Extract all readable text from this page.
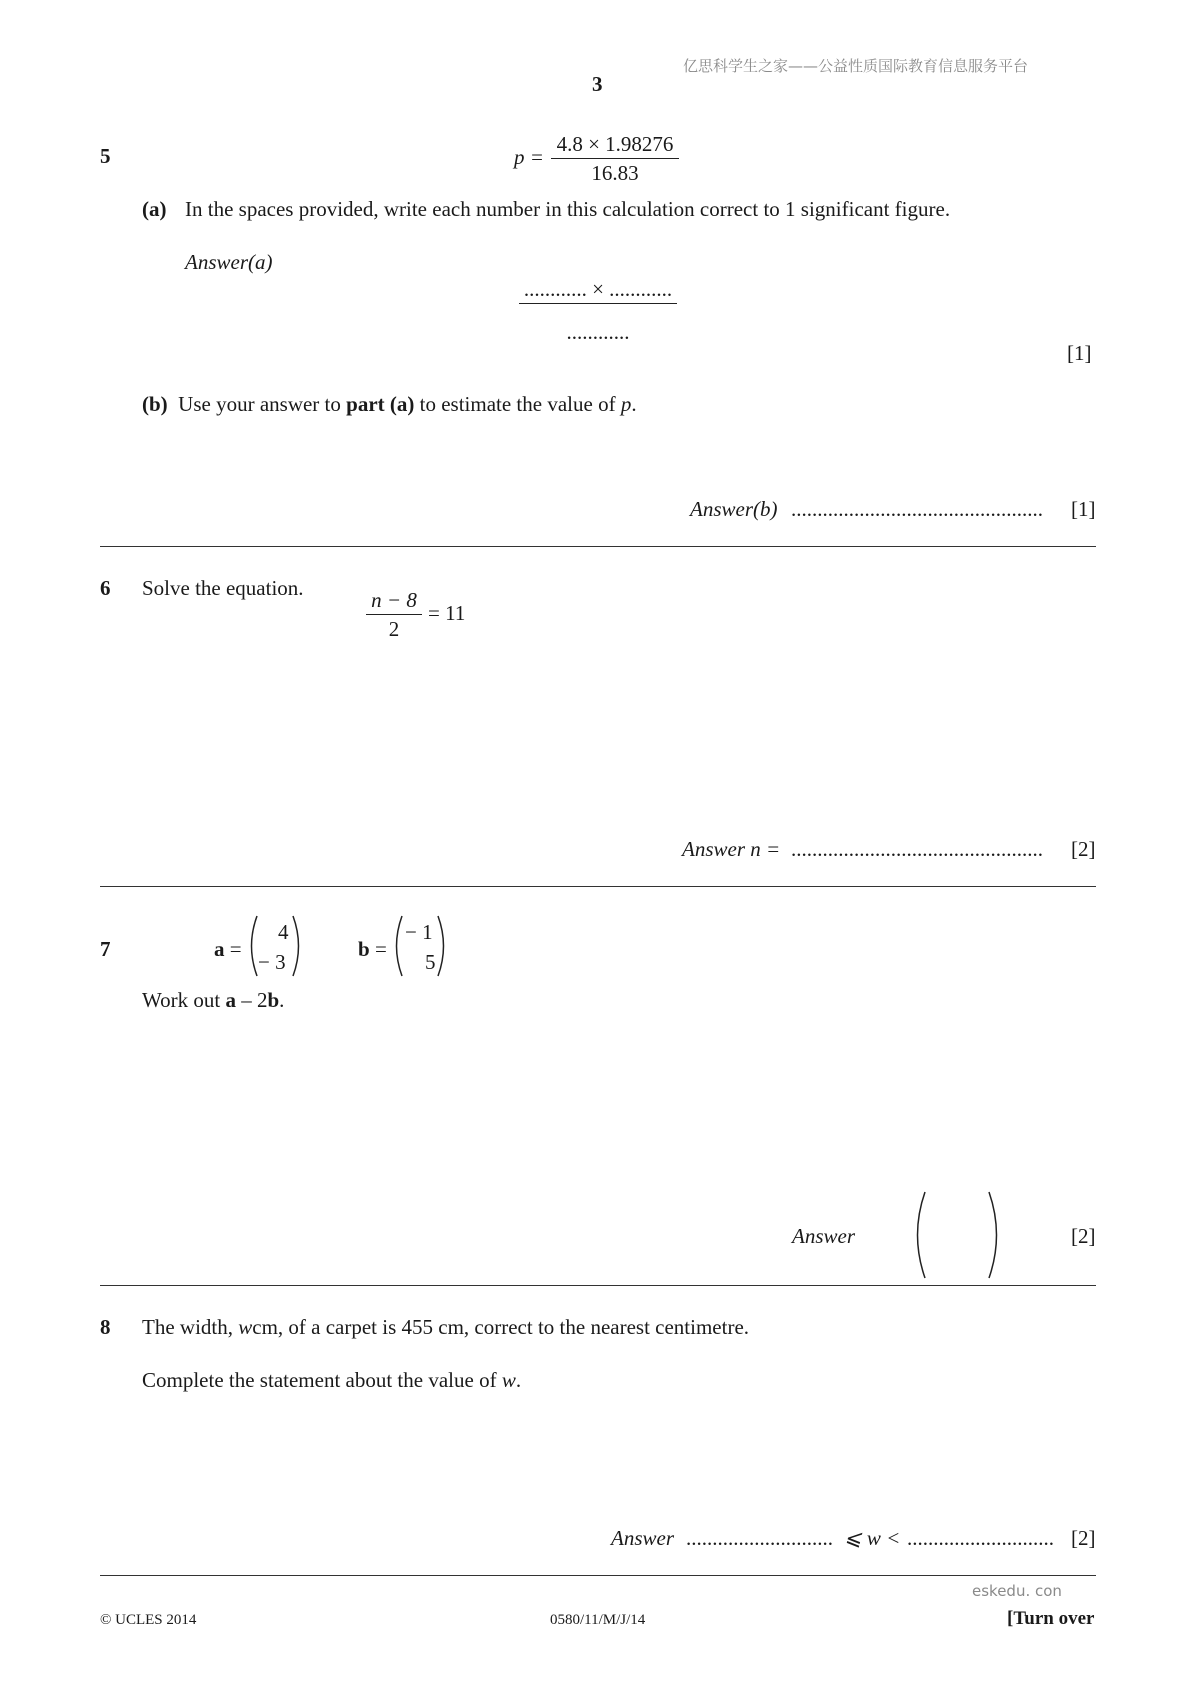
亿思科学生之家——公益性质国际教育信息服务平台
3
5	$p = \frac{4.8 \times 1.98276}{16.83}$
(a) In the spaces provided, write each number in this calculation correct to 1 significant figure.
Answer(a)
............ × ............
............
[1]
(b) Use your answer to part (a) to estimate the value of p.
Answer(b) ................................................ [1]
6 Solve the equation.
$\frac{n - 8}{2} = 11$
Answer n = ................................................ [2]
7	a =
4
− 3
b =
− 1
5
Work out a – 2b.
Answer	[2]
8 The width, wcm, of a carpet is 455 cm, correct to the nearest centimetre.
Complete the statement about the value of w.
Answer ............................ ⩽ w < ............................ [2]
eskedu. con
© UCLES 2014	0580/11/M/J/14	[Turn over
